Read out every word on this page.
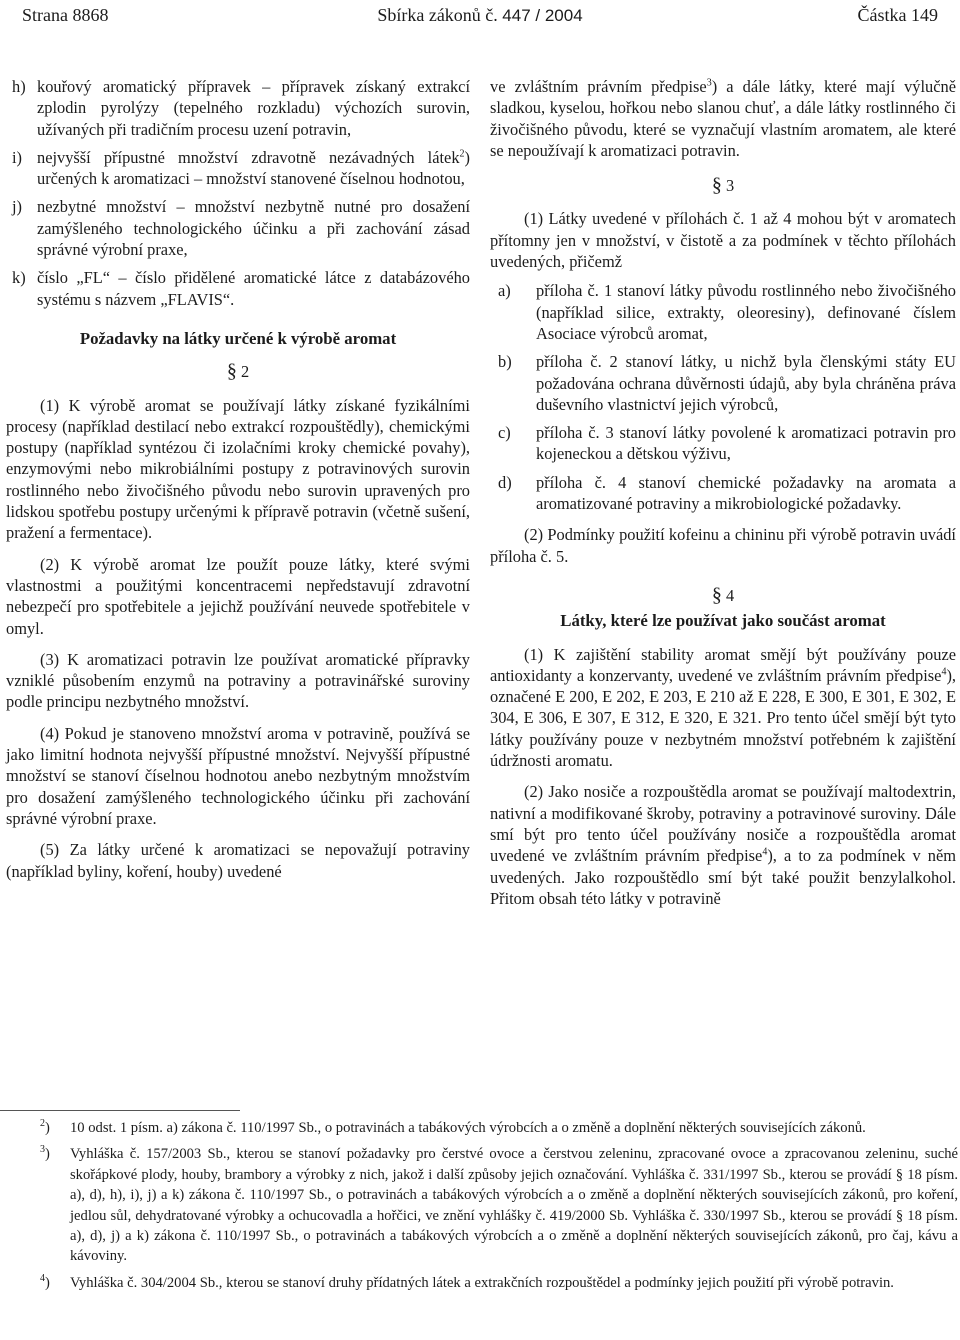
Strana 8868	Sbírka zákonů č. 447 / 2004	Částka 149
h) kouřový aromatický přípravek – přípravek získaný extrakcí zplodin pyrolýzy (tepelného rozkladu) výchozích surovin, užívaných při tradičním procesu uzení potravin,
i) nejvyšší přípustné množství zdravotně nezávadných látek$^2$) určených k aromatizaci – množství stanovené číselnou hodnotou,
j) nezbytné množství – množství nezbytně nutné pro dosažení zamýšleného technologického účinku a při zachování zásad správné výrobní praxe,
k) číslo „FL“ – číslo přidělené aromatické látce z databázového systému s názvem „FLAVIS“.
Požadavky na látky určené k výrobě aromat
§ 2

(1) K výrobě aromat se používají látky získané fyzikálními procesy (například destilací nebo extrakcí rozpouštědly), chemickými postupy (například syntézou či izolačními kroky chemické povahy), enzymovými nebo mikrobiálními postupy z potravinových surovin rostlinného nebo živočišného původu nebo surovin upravených pro lidskou spotřebu postupy určenými k přípravě potravin (včetně sušení, pražení a fermentace).

(2) K výrobě aromat lze použít pouze látky, které svými vlastnostmi a použitými koncentracemi nepředstavují zdravotní nebezpečí pro spotřebitele a jejichž používání neuvede spotřebitele v omyl.

(3) K aromatizaci potravin lze používat aromatické přípravky vzniklé působením enzymů na potraviny a potravinářské suroviny podle principu nezbytného množství.

(4) Pokud je stanoveno množství aroma v potravině, používá se jako limitní hodnota nejvyšší přípustné množství. Nejvyšší přípustné množství se stanoví číselnou hodnotou anebo nezbytným množstvím pro dosažení zamýšleného technologického účinku při zachování správné výrobní praxe.

(5) Za látky určené k aromatizaci se nepovažují potraviny (například byliny, koření, houby) uvedené

ve zvláštním právním předpise$^3$) a dále látky, které mají výlučně sladkou, kyselou, hořkou nebo slanou chuť, a dále látky rostlinného či živočišného původu, které se vyznačují vlastním aromatem, ale které se nepoužívají k aromatizaci potravin.

§ 3

(1) Látky uvedené v přílohách č. 1 až 4 mohou být v aromatech přítomny jen v množství, v čistotě a za podmínek v těchto přílohách uvedených, přičemž

a) příloha č. 1 stanoví látky původu rostlinného nebo živočišného (například silice, extrakty, oleoresiny), definované číslem Asociace výrobců aromat,
b) příloha č. 2 stanoví látky, u nichž byla členskými státy EU požadována ochrana důvěrnosti údajů, aby byla chráněna práva duševního vlastnictví jejich výrobců,
c) příloha č. 3 stanoví látky povolené k aromatizaci potravin pro kojeneckou a dětskou výživu,
d) příloha č. 4 stanoví chemické požadavky na aromata a aromatizované potraviny a mikrobiologické požadavky.

(2) Podmínky použití kofeinu a chininu při výrobě potravin uvádí příloha č. 5.

§ 4
Látky, které lze používat jako součást aromat

(1) K zajištění stability aromat smějí být používány pouze antioxidanty a konzervanty, uvedené ve zvláštním právním předpise$^4$), označené E 200, E 202, E 203, E 210 až E 228, E 300, E 301, E 302, E 304, E 306, E 307, E 312, E 320, E 321. Pro tento účel smějí být tyto látky používány pouze v nezbytném množství potřebném k zajištění údržnosti aromatu.

(2) Jako nosiče a rozpouštědla aromat se používají maltodextrin, nativní a modifikované škroby, potraviny a potravinové suroviny. Dále smí být pro tento účel používány nosiče a rozpouštědla aromat uvedené ve zvláštním právním předpise$^4$), a to za podmínek v něm uvedených. Jako rozpouštědlo smí být také použit benzylalkohol. Přitom obsah této látky v potravině

$^2$) 10 odst. 1 písm. a) zákona č. 110/1997 Sb., o potravinách a tabákových výrobcích a o změně a doplnění některých souvisejících zákonů.
$^3$) Vyhláška č. 157/2003 Sb., kterou se stanoví požadavky pro čerstvé ovoce a čerstvou zeleninu, zpracované ovoce a zpracovanou zeleninu, suché skořápkové plody, houby, brambory a výrobky z nich, jakož i další způsoby jejich označování. Vyhláška č. 331/1997 Sb., kterou se provádí § 18 písm. a), d), h), i), j) a k) zákona č. 110/1997 Sb., o potravinách a tabákových výrobcích a o změně a doplnění některých souvisejících zákonů, pro koření, jedlou sůl, dehydratované výrobky a ochucovadla a hořčici, ve znění vyhlášky č. 419/2000 Sb. Vyhláška č. 330/1997 Sb., kterou se provádí § 18 písm. a), d), j) a k) zákona č. 110/1997 Sb., o potravinách a tabákových výrobcích a o změně a doplnění některých souvisejících zákonů, pro čaj, kávu a kávoviny.
$^4$) Vyhláška č. 304/2004 Sb., kterou se stanoví druhy přídatných látek a extrakčních rozpouštědel a podmínky jejich použití při výrobě potravin.
